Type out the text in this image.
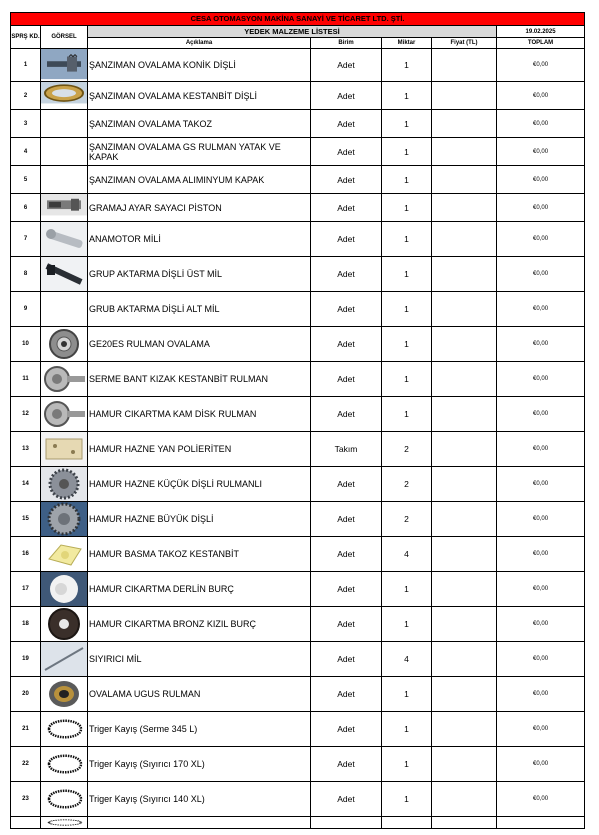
CESA OTOMASYON MAKİNA SANAYİ VE TİCARET LTD. ŞTİ.						
SPRŞ KD.	GÖRSEL	YEDEK MALZEME LİSTESİ				19.02.2025
		Açıklama	Birim	Miktar	Fiyat (TL)	TOPLAM
1		ŞANZIMAN OVALAMA KONİK DİŞLİ	Adet	1		€0,00
2		ŞANZIMAN OVALAMA KESTANBİT DİŞLİ	Adet	1		€0,00
3		ŞANZIMAN OVALAMA TAKOZ	Adet	1		€0,00
4		ŞANZIMAN OVALAMA GS RULMAN YATAK VE KAPAK	Adet	1		€0,00
5		ŞANZIMAN OVALAMA ALIMINYUM KAPAK	Adet	1		€0,00
6		GRAMAJ AYAR SAYACI PİSTON	Adet	1		€0,00
7		ANAMOTOR MİLİ	Adet	1		€0,00
8		GRUP AKTARMA DİŞLİ ÜST MİL	Adet	1		€0,00
9		GRUB AKTARMA DİŞLİ ALT MİL	Adet	1		€0,00
10		GE20ES RULMAN OVALAMA	Adet	1		€0,00
11		SERME BANT KIZAK KESTANBİT RULMAN	Adet	1		€0,00
12		HAMUR CIKARTMA KAM DİSK RULMAN	Adet	1		€0,00
13		HAMUR HAZNE YAN POLİERİTEN	Takım	2		€0,00
14		HAMUR HAZNE KÜÇÜK DİŞLİ RULMANLI	Adet	2		€0,00
15		HAMUR HAZNE BÜYÜK DİŞLİ	Adet	2		€0,00
16		HAMUR BASMA TAKOZ KESTANBİT	Adet	4		€0,00
17		HAMUR CIKARTMA DERLİN BURÇ	Adet	1		€0,00
18		HAMUR CIKARTMA BRONZ KIZIL BURÇ	Adet	1		€0,00
19		SIYIRICI MİL	Adet	4		€0,00
20		OVALAMA UGUS RULMAN	Adet	1		€0,00
21		Triger Kayış (Serme 345 L)	Adet	1		€0,00
22		Triger Kayış (Sıyırıcı 170 XL)	Adet	1		€0,00
23		Triger Kayış (Sıyırıcı 140 XL)	Adet	1		€0,00
